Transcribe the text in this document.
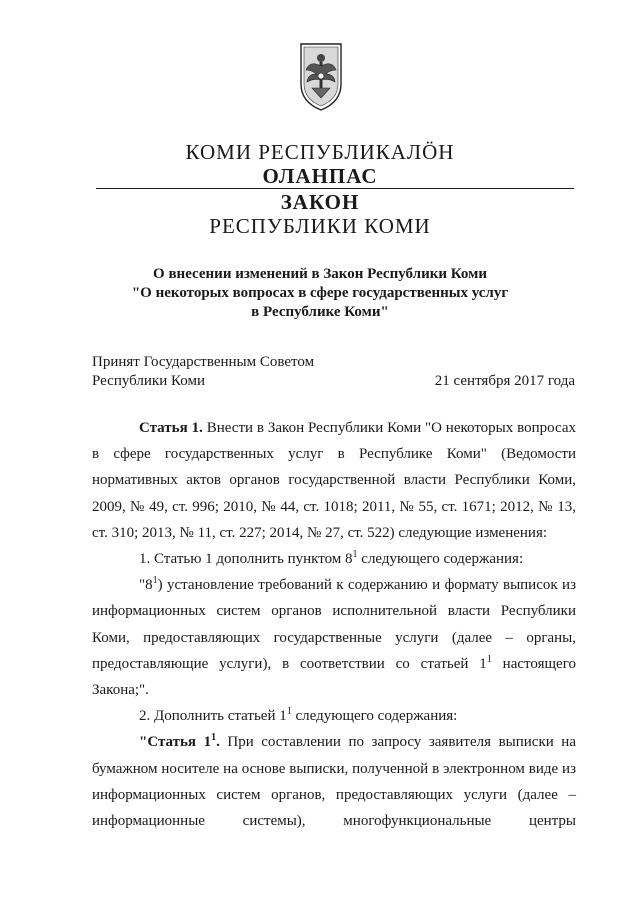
КОМИ РЕСПУБЛИКАЛÖН
ОЛАНПАС
ЗАКОН
РЕСПУБЛИКИ КОМИ
О внесении изменений в Закон Республики Коми
"О некоторых вопросах в сфере государственных услуг
в Республике Коми"
Принят Государственным Советом
Республики Коми	21 сентября 2017 года

Статья 1. Внести в Закон Республики Коми "О некоторых вопросах в сфере государственных услуг в Республике Коми" (Ведомости нормативных актов органов государственной власти Республики Коми, 2009, № 49, ст. 996; 2010, № 44, ст. 1018; 2011, № 55, ст. 1671; 2012, № 13, ст. 310; 2013, № 11, ст. 227; 2014, № 27, ст. 522) следующие изменения:

1. Статью 1 дополнить пунктом $8^1$ следующего содержания:

"$8^1$) установление требований к содержанию и формату выписок из информационных систем органов исполнительной власти Республики Коми, предоставляющих государственные услуги (далее – органы, предоставляющие услуги), в соответствии со статьей $1^1$ настоящего Закона;".

2. Дополнить статьей $1^1$ следующего содержания:

"Статья $1^1$. При составлении по запросу заявителя выписки на бумажном носителе на основе выписки, полученной в электронном виде из информационных систем органов, предоставляющих услуги (далее – информационные системы), многофункциональные центры
